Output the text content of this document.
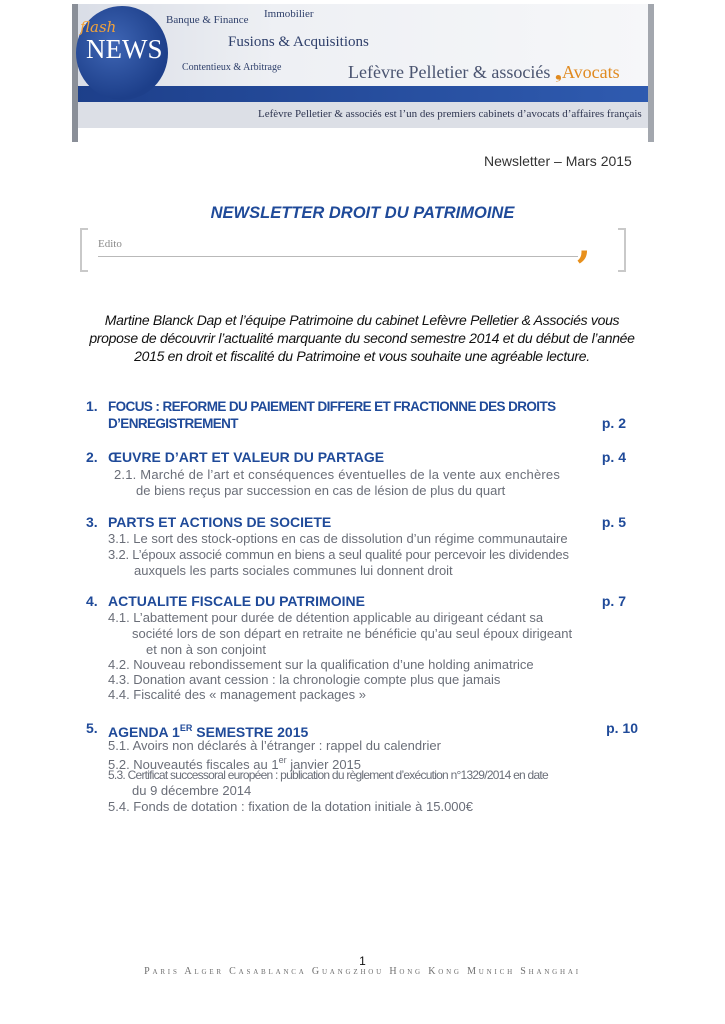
flash
NEWS
Banque & Finance Immobilier
Fusions & Acquisitions
Contentieux & Arbitrage	Lefèvre Pelletier & associés ❟Avocats
Lefèvre Pelletier & associés est l’un des premiers cabinets d’avocats d’affaires français
Newsletter – Mars 2015
NEWSLETTER DROIT DU PATRIMOINE
Edito	,
Martine Blanck Dap et l’équipe Patrimoine du cabinet Lefèvre Pelletier & Associés vous propose de découvrir l’actualité marquante du second semestre 2014 et du début de l’année 2015 en droit et fiscalité du Patrimoine et vous souhaite une agréable lecture.
1. FOCUS : REFORME DU PAIEMENT DIFFERE ET FRACTIONNE DES DROITS D’ENREGISTREMENT	p. 2
2. ŒUVRE D’ART ET VALEUR DU PARTAGE	p. 4
2.1. Marché de l’art et conséquences éventuelles de la vente aux enchères
de biens reçus par succession en cas de lésion de plus du quart
3. PARTS ET ACTIONS DE SOCIETE	p. 5
3.1. Le sort des stock-options en cas de dissolution d’un régime communautaire
3.2. L’époux associé commun en biens a seul qualité pour percevoir les dividendes
auxquels les parts sociales communes lui donnent droit
4. ACTUALITE FISCALE DU PATRIMOINE	p. 7
4.1. L’abattement pour durée de détention applicable au dirigeant cédant sa
société lors de son départ en retraite ne bénéficie qu’au seul époux dirigeant
et non à son conjoint
4.2. Nouveau rebondissement sur la qualification d’une holding animatrice
4.3. Donation avant cession : la chronologie compte plus que jamais
4.4. Fiscalité des « management packages »
5. AGENDA 1ER SEMESTRE 2015	p. 10
5.1. Avoirs non déclarés à l’étranger : rappel du calendrier
5.2. Nouveautés fiscales au 1er janvier 2015
5.3. Certificat successoral européen : publication du règlement d’exécution n°1329/2014 en date
du 9 décembre 2014
5.4. Fonds de dotation : fixation de la dotation initiale à 15.000€
1
Paris Alger Casablanca Guangzhou Hong Kong Munich Shanghai
